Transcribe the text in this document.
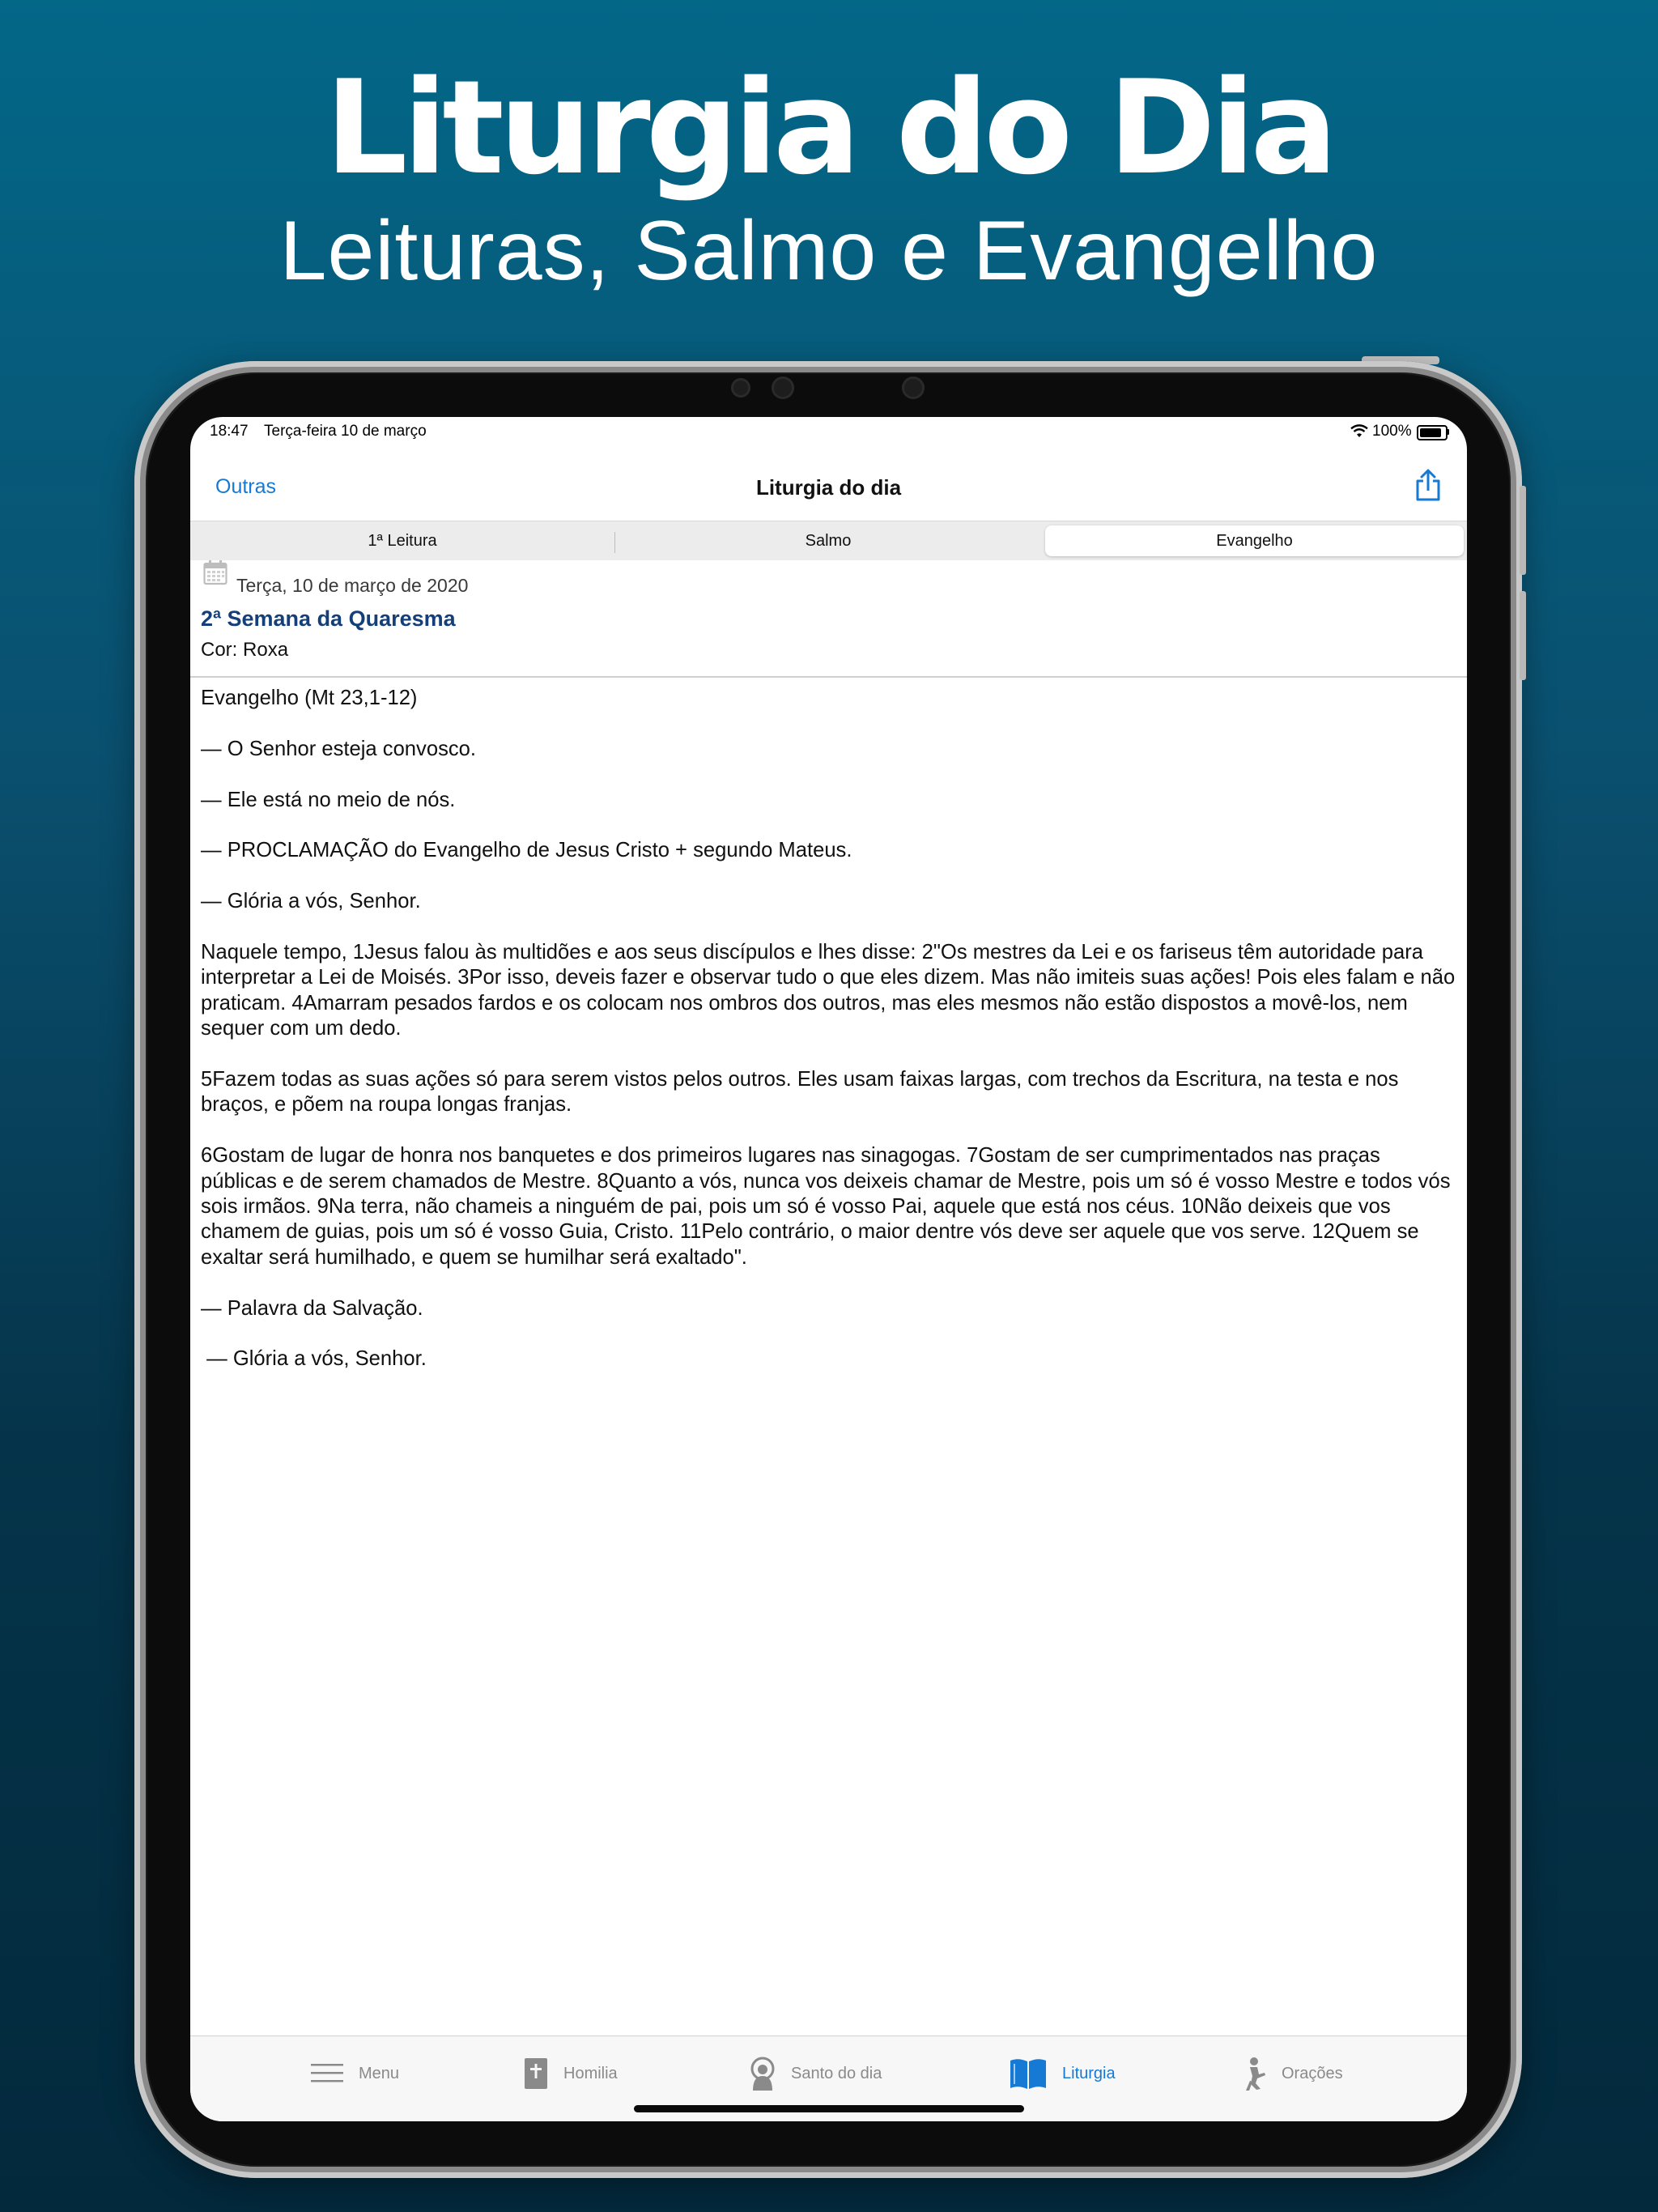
Liturgia do Dia
Leituras, Salmo e Evangelho
18:47 Terça-feira 10 de março	100%
Outras	Liturgia do dia
1ª Leitura	Salmo	Evangelho
Terça, 10 de março de 2020
2ª Semana da Quaresma
Cor: Roxa

Evangelho (Mt 23,1-12)

— O Senhor esteja convosco.

— Ele está no meio de nós.

— PROCLAMAÇÃO do Evangelho de Jesus Cristo + segundo Mateus.

— Glória a vós, Senhor.

Naquele tempo, 1Jesus falou às multidões e aos seus discípulos e lhes disse: 2"Os mestres da Lei e os fariseus têm autoridade para interpretar a Lei de Moisés. 3Por isso, deveis fazer e observar tudo o que eles dizem. Mas não imiteis suas ações! Pois eles falam e não praticam. 4Amarram pesados fardos e os colocam nos ombros dos outros, mas eles mesmos não estão dispostos a movê-los, nem sequer com um dedo.

5Fazem todas as suas ações só para serem vistos pelos outros. Eles usam faixas largas, com trechos da Escritura, na testa e nos braços, e põem na roupa longas franjas.

6Gostam de lugar de honra nos banquetes e dos primeiros lugares nas sinagogas. 7Gostam de ser cumprimentados nas praças públicas e de serem chamados de Mestre. 8Quanto a vós, nunca vos deixeis chamar de Mestre, pois um só é vosso Mestre e todos vós sois irmãos. 9Na terra, não chameis a ninguém de pai, pois um só é vosso Pai, aquele que está nos céus. 10Não deixeis que vos chamem de guias, pois um só é vosso Guia, Cristo. 11Pelo contrário, o maior dentre vós deve ser aquele que vos serve. 12Quem se exaltar será humilhado, e quem se humilhar será exaltado".

— Palavra da Salvação.

— Glória a vós, Senhor.

Menu	Homilia	Santo do dia	Liturgia	Orações
